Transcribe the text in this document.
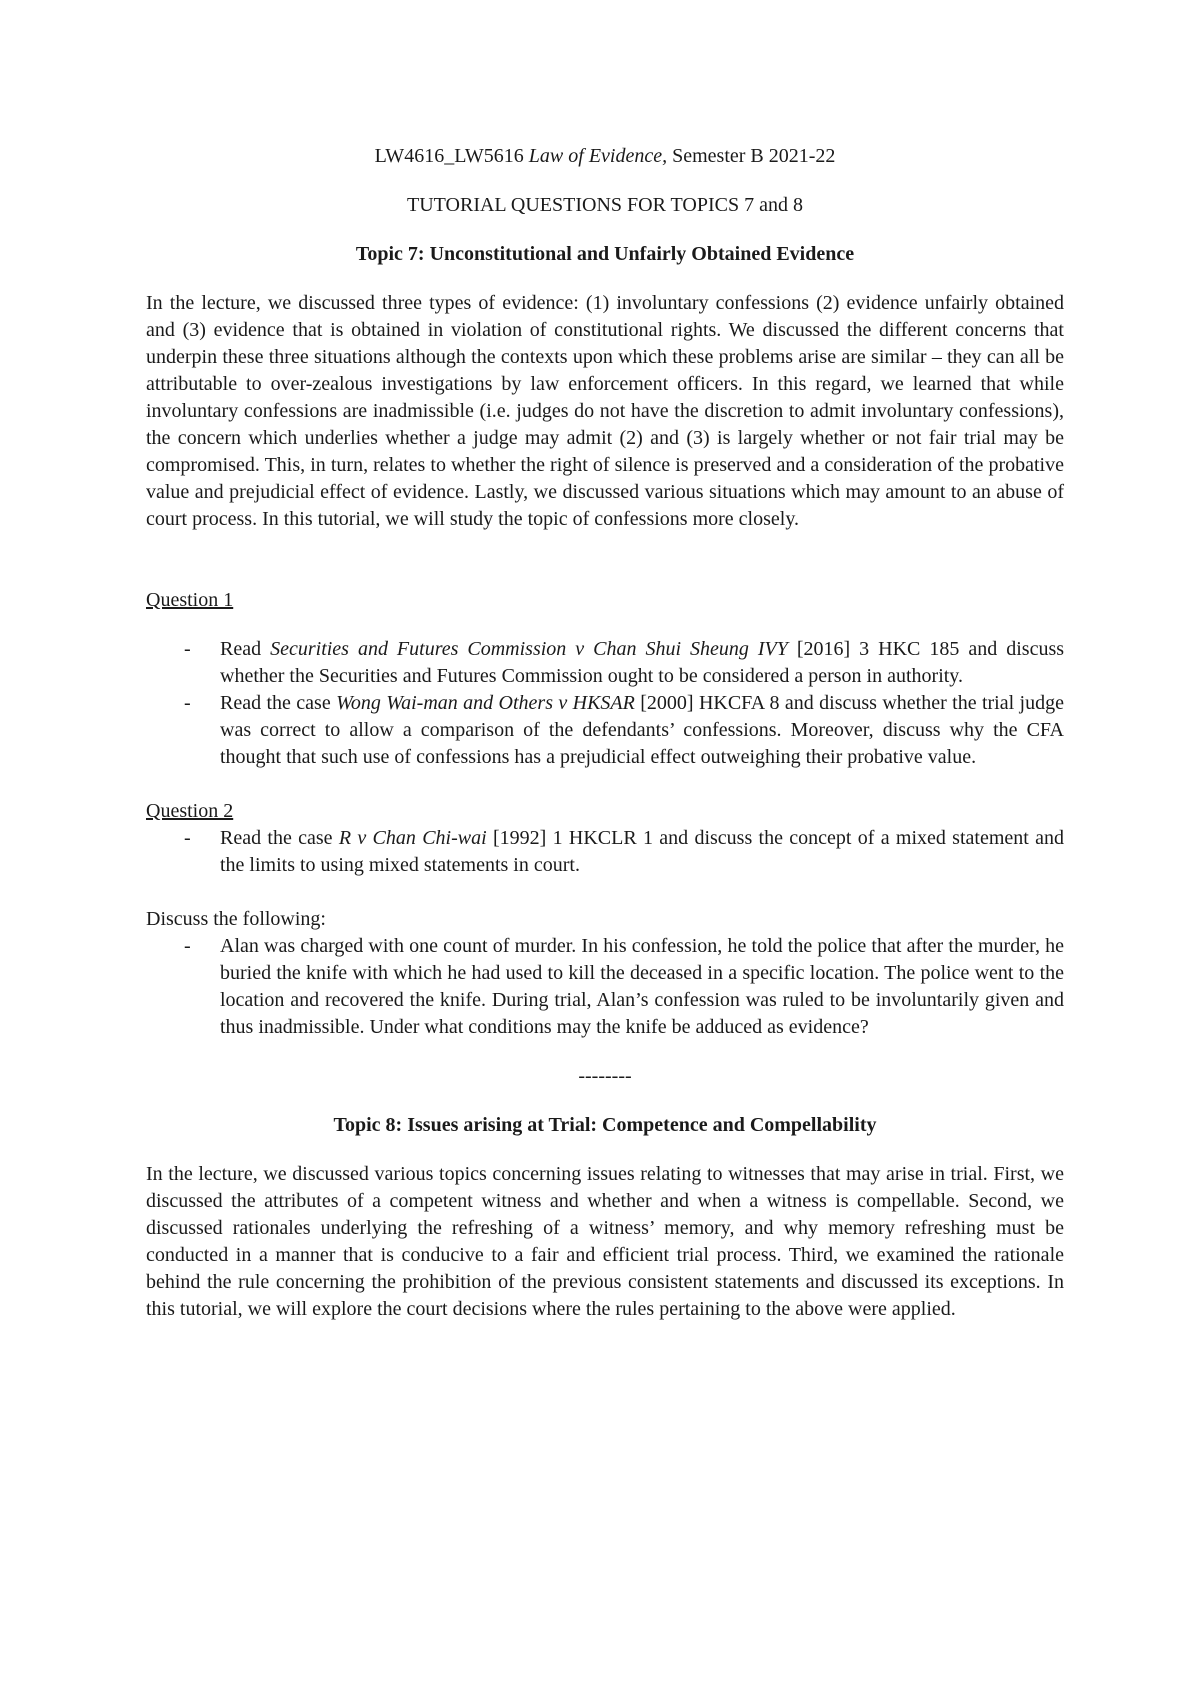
LW4616_LW5616 Law of Evidence, Semester B 2021-22

TUTORIAL QUESTIONS FOR TOPICS 7 and 8

Topic 7: Unconstitutional and Unfairly Obtained Evidence

In the lecture, we discussed three types of evidence: (1) involuntary confessions (2) evidence unfairly obtained and (3) evidence that is obtained in violation of constitutional rights. We discussed the different concerns that underpin these three situations although the contexts upon which these problems arise are similar – they can all be attributable to over-zealous investigations by law enforcement officers. In this regard, we learned that while involuntary confessions are inadmissible (i.e. judges do not have the discretion to admit involuntary confessions), the concern which underlies whether a judge may admit (2) and (3) is largely whether or not fair trial may be compromised. This, in turn, relates to whether the right of silence is preserved and a consideration of the probative value and prejudicial effect of evidence. Lastly, we discussed various situations which may amount to an abuse of court process. In this tutorial, we will study the topic of confessions more closely.

Question 1

- Read Securities and Futures Commission v Chan Shui Sheung IVY [2016] 3 HKC 185 and discuss whether the Securities and Futures Commission ought to be considered a person in authority.
- Read the case Wong Wai-man and Others v HKSAR [2000] HKCFA 8 and discuss whether the trial judge was correct to allow a comparison of the defendants’ confessions. Moreover, discuss why the CFA thought that such use of confessions has a prejudicial effect outweighing their probative value.

Question 2

- Read the case R v Chan Chi-wai [1992] 1 HKCLR 1 and discuss the concept of a mixed statement and the limits to using mixed statements in court.

Discuss the following:

- Alan was charged with one count of murder. In his confession, he told the police that after the murder, he buried the knife with which he had used to kill the deceased in a specific location. The police went to the location and recovered the knife. During trial, Alan’s confession was ruled to be involuntarily given and thus inadmissible. Under what conditions may the knife be adduced as evidence?

--------

Topic 8: Issues arising at Trial: Competence and Compellability

In the lecture, we discussed various topics concerning issues relating to witnesses that may arise in trial. First, we discussed the attributes of a competent witness and whether and when a witness is compellable. Second, we discussed rationales underlying the refreshing of a witness’ memory, and why memory refreshing must be conducted in a manner that is conducive to a fair and efficient trial process. Third, we examined the rationale behind the rule concerning the prohibition of the previous consistent statements and discussed its exceptions. In this tutorial, we will explore the court decisions where the rules pertaining to the above were applied.
